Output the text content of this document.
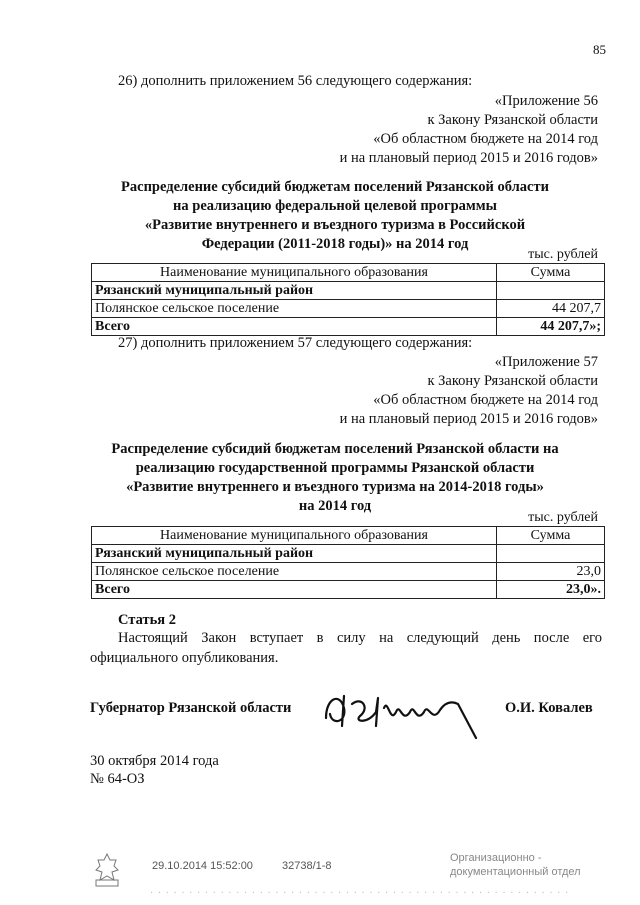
85
26) дополнить приложением 56 следующего содержания:
«Приложение 56
к Закону Рязанской области
«Об областном бюджете на 2014 год
и на плановый период 2015 и 2016 годов»
Распределение субсидий бюджетам поселений Рязанской области
на реализацию федеральной целевой программы
«Развитие внутреннего и въездного туризма в Российской
Федерации (2011-2018 годы)» на 2014 год
тыс. рублей
Наименование муниципального образования	Сумма
Рязанский муниципальный район	
Полянское сельское поселение	44 207,7
Всего	44 207,7»;
27) дополнить приложением 57 следующего содержания:
«Приложение 57
к Закону Рязанской области
«Об областном бюджете на 2014 год
и на плановый период 2015 и 2016 годов»
Распределение субсидий бюджетам поселений Рязанской области на
реализацию государственной программы Рязанской области
«Развитие внутреннего и въездного туризма на 2014-2018 годы»
на 2014 год
тыс. рублей
Наименование муниципального образования	Сумма
Рязанский муниципальный район	
Полянское сельское поселение	23,0
Всего	23,0».
Статья 2
Настоящий Закон вступает в силу на следующий день после его
официального опубликования.
Губернатор Рязанской области	О.И. Ковалев
30 октября 2014 года
№ 64-ОЗ
29.10.2014 15:52:00	32738/1-8
Организационно -
документационный отдел
· · · · · · · · · · · · · · · · · · · · · · · · · · · · · · · · · · · · · · · · · · · · · · · · · · · · · ·
